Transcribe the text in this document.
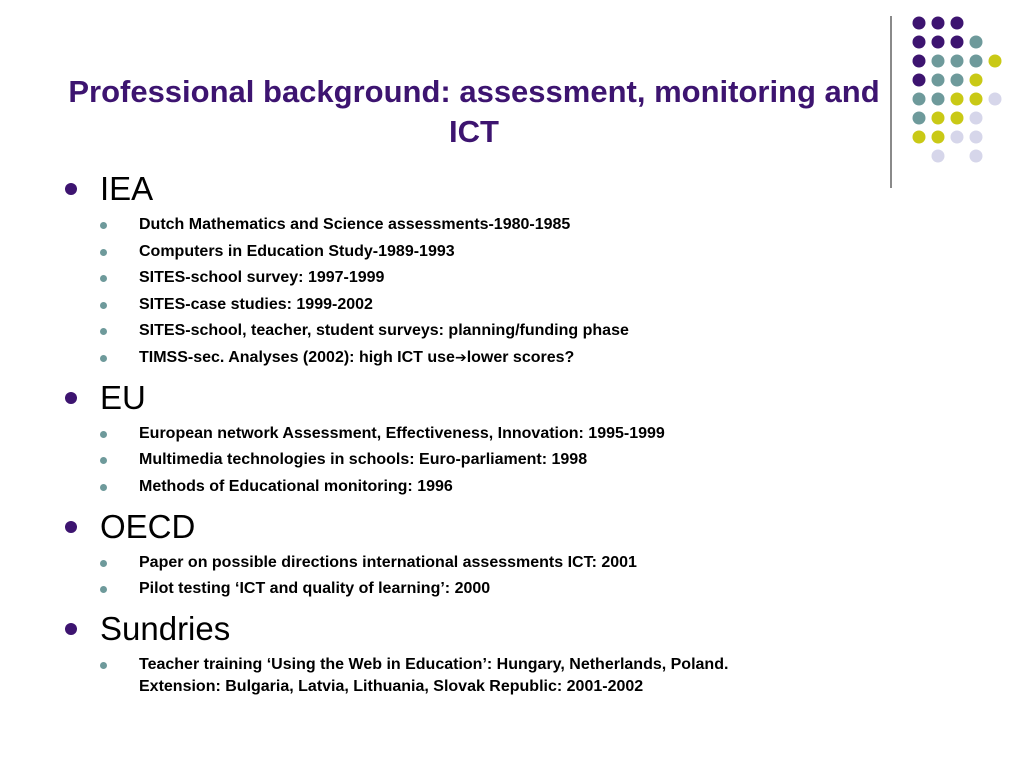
Professional background: assessment, monitoring and ICT
IEA
Dutch Mathematics and Science assessments-1980-1985
Computers in Education Study-1989-1993
SITES-school survey: 1997-1999
SITES-case studies: 1999-2002
SITES-school, teacher, student surveys: planning/funding phase
TIMSS-sec. Analyses (2002): high ICT use➔lower scores?
EU
European network Assessment, Effectiveness, Innovation: 1995-1999
Multimedia technologies in schools: Euro-parliament: 1998
Methods of Educational monitoring: 1996
OECD
Paper on possible directions international assessments ICT: 2001
Pilot testing ‘ICT and quality of learning’: 2000
Sundries
Teacher training ‘Using the Web in Education’: Hungary, Netherlands, Poland.
Extension: Bulgaria, Latvia, Lithuania, Slovak Republic: 2001-2002
